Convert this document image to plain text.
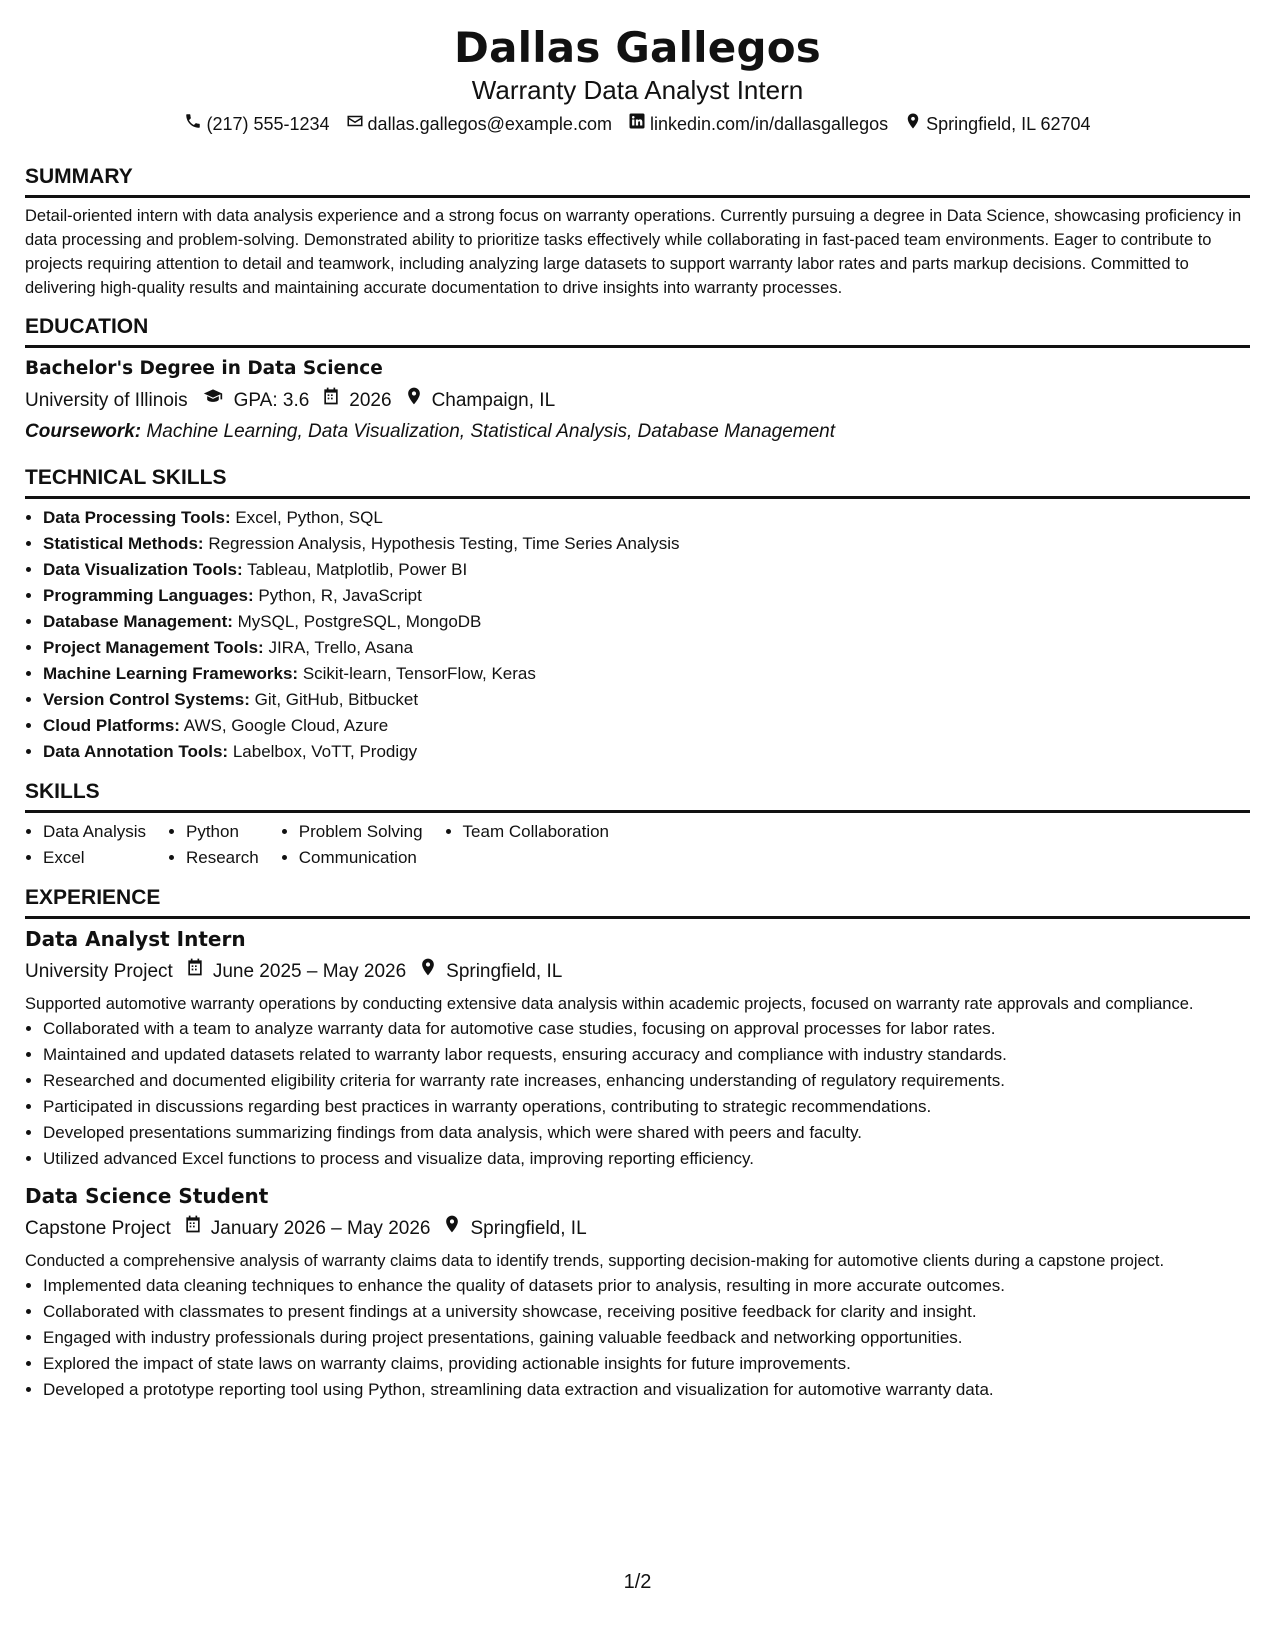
Dallas Gallegos
Warranty Data Analyst Intern
(217) 555-1234 dallas.gallegos@example.com linkedin.com/in/dallasgallegos Springfield, IL 62704
SUMMARY
Detail-oriented intern with data analysis experience and a strong focus on warranty operations. Currently pursuing a degree in Data Science, showcasing proficiency in data processing and problem-solving. Demonstrated ability to prioritize tasks effectively while collaborating in fast-paced team environments. Eager to contribute to projects requiring attention to detail and teamwork, including analyzing large datasets to support warranty labor rates and parts markup decisions. Committed to delivering high-quality results and maintaining accurate documentation to drive insights into warranty processes.
EDUCATION
Bachelor's Degree in Data Science
University of Illinois GPA: 3.6 2026 Champaign, IL
Coursework: Machine Learning, Data Visualization, Statistical Analysis, Database Management
TECHNICAL SKILLS
• Data Processing Tools: Excel, Python, SQL
• Statistical Methods: Regression Analysis, Hypothesis Testing, Time Series Analysis
• Data Visualization Tools: Tableau, Matplotlib, Power BI
• Programming Languages: Python, R, JavaScript
• Database Management: MySQL, PostgreSQL, MongoDB
• Project Management Tools: JIRA, Trello, Asana
• Machine Learning Frameworks: Scikit-learn, TensorFlow, Keras
• Version Control Systems: Git, GitHub, Bitbucket
• Cloud Platforms: AWS, Google Cloud, Azure
• Data Annotation Tools: Labelbox, VoTT, Prodigy
SKILLS
• Data Analysis
• Excel
• Python
• Research
• Problem Solving
• Communication
• Team Collaboration
EXPERIENCE
Data Analyst Intern
University Project June 2025 – May 2026 Springfield, IL
Supported automotive warranty operations by conducting extensive data analysis within academic projects, focused on warranty rate approvals and compliance.
• Collaborated with a team to analyze warranty data for automotive case studies, focusing on approval processes for labor rates.
• Maintained and updated datasets related to warranty labor requests, ensuring accuracy and compliance with industry standards.
• Researched and documented eligibility criteria for warranty rate increases, enhancing understanding of regulatory requirements.
• Participated in discussions regarding best practices in warranty operations, contributing to strategic recommendations.
• Developed presentations summarizing findings from data analysis, which were shared with peers and faculty.
• Utilized advanced Excel functions to process and visualize data, improving reporting efficiency.
Data Science Student
Capstone Project January 2026 – May 2026 Springfield, IL
Conducted a comprehensive analysis of warranty claims data to identify trends, supporting decision-making for automotive clients during a capstone project.
• Implemented data cleaning techniques to enhance the quality of datasets prior to analysis, resulting in more accurate outcomes.
• Collaborated with classmates to present findings at a university showcase, receiving positive feedback for clarity and insight.
• Engaged with industry professionals during project presentations, gaining valuable feedback and networking opportunities.
• Explored the impact of state laws on warranty claims, providing actionable insights for future improvements.
• Developed a prototype reporting tool using Python, streamlining data extraction and visualization for automotive warranty data.
1/2
